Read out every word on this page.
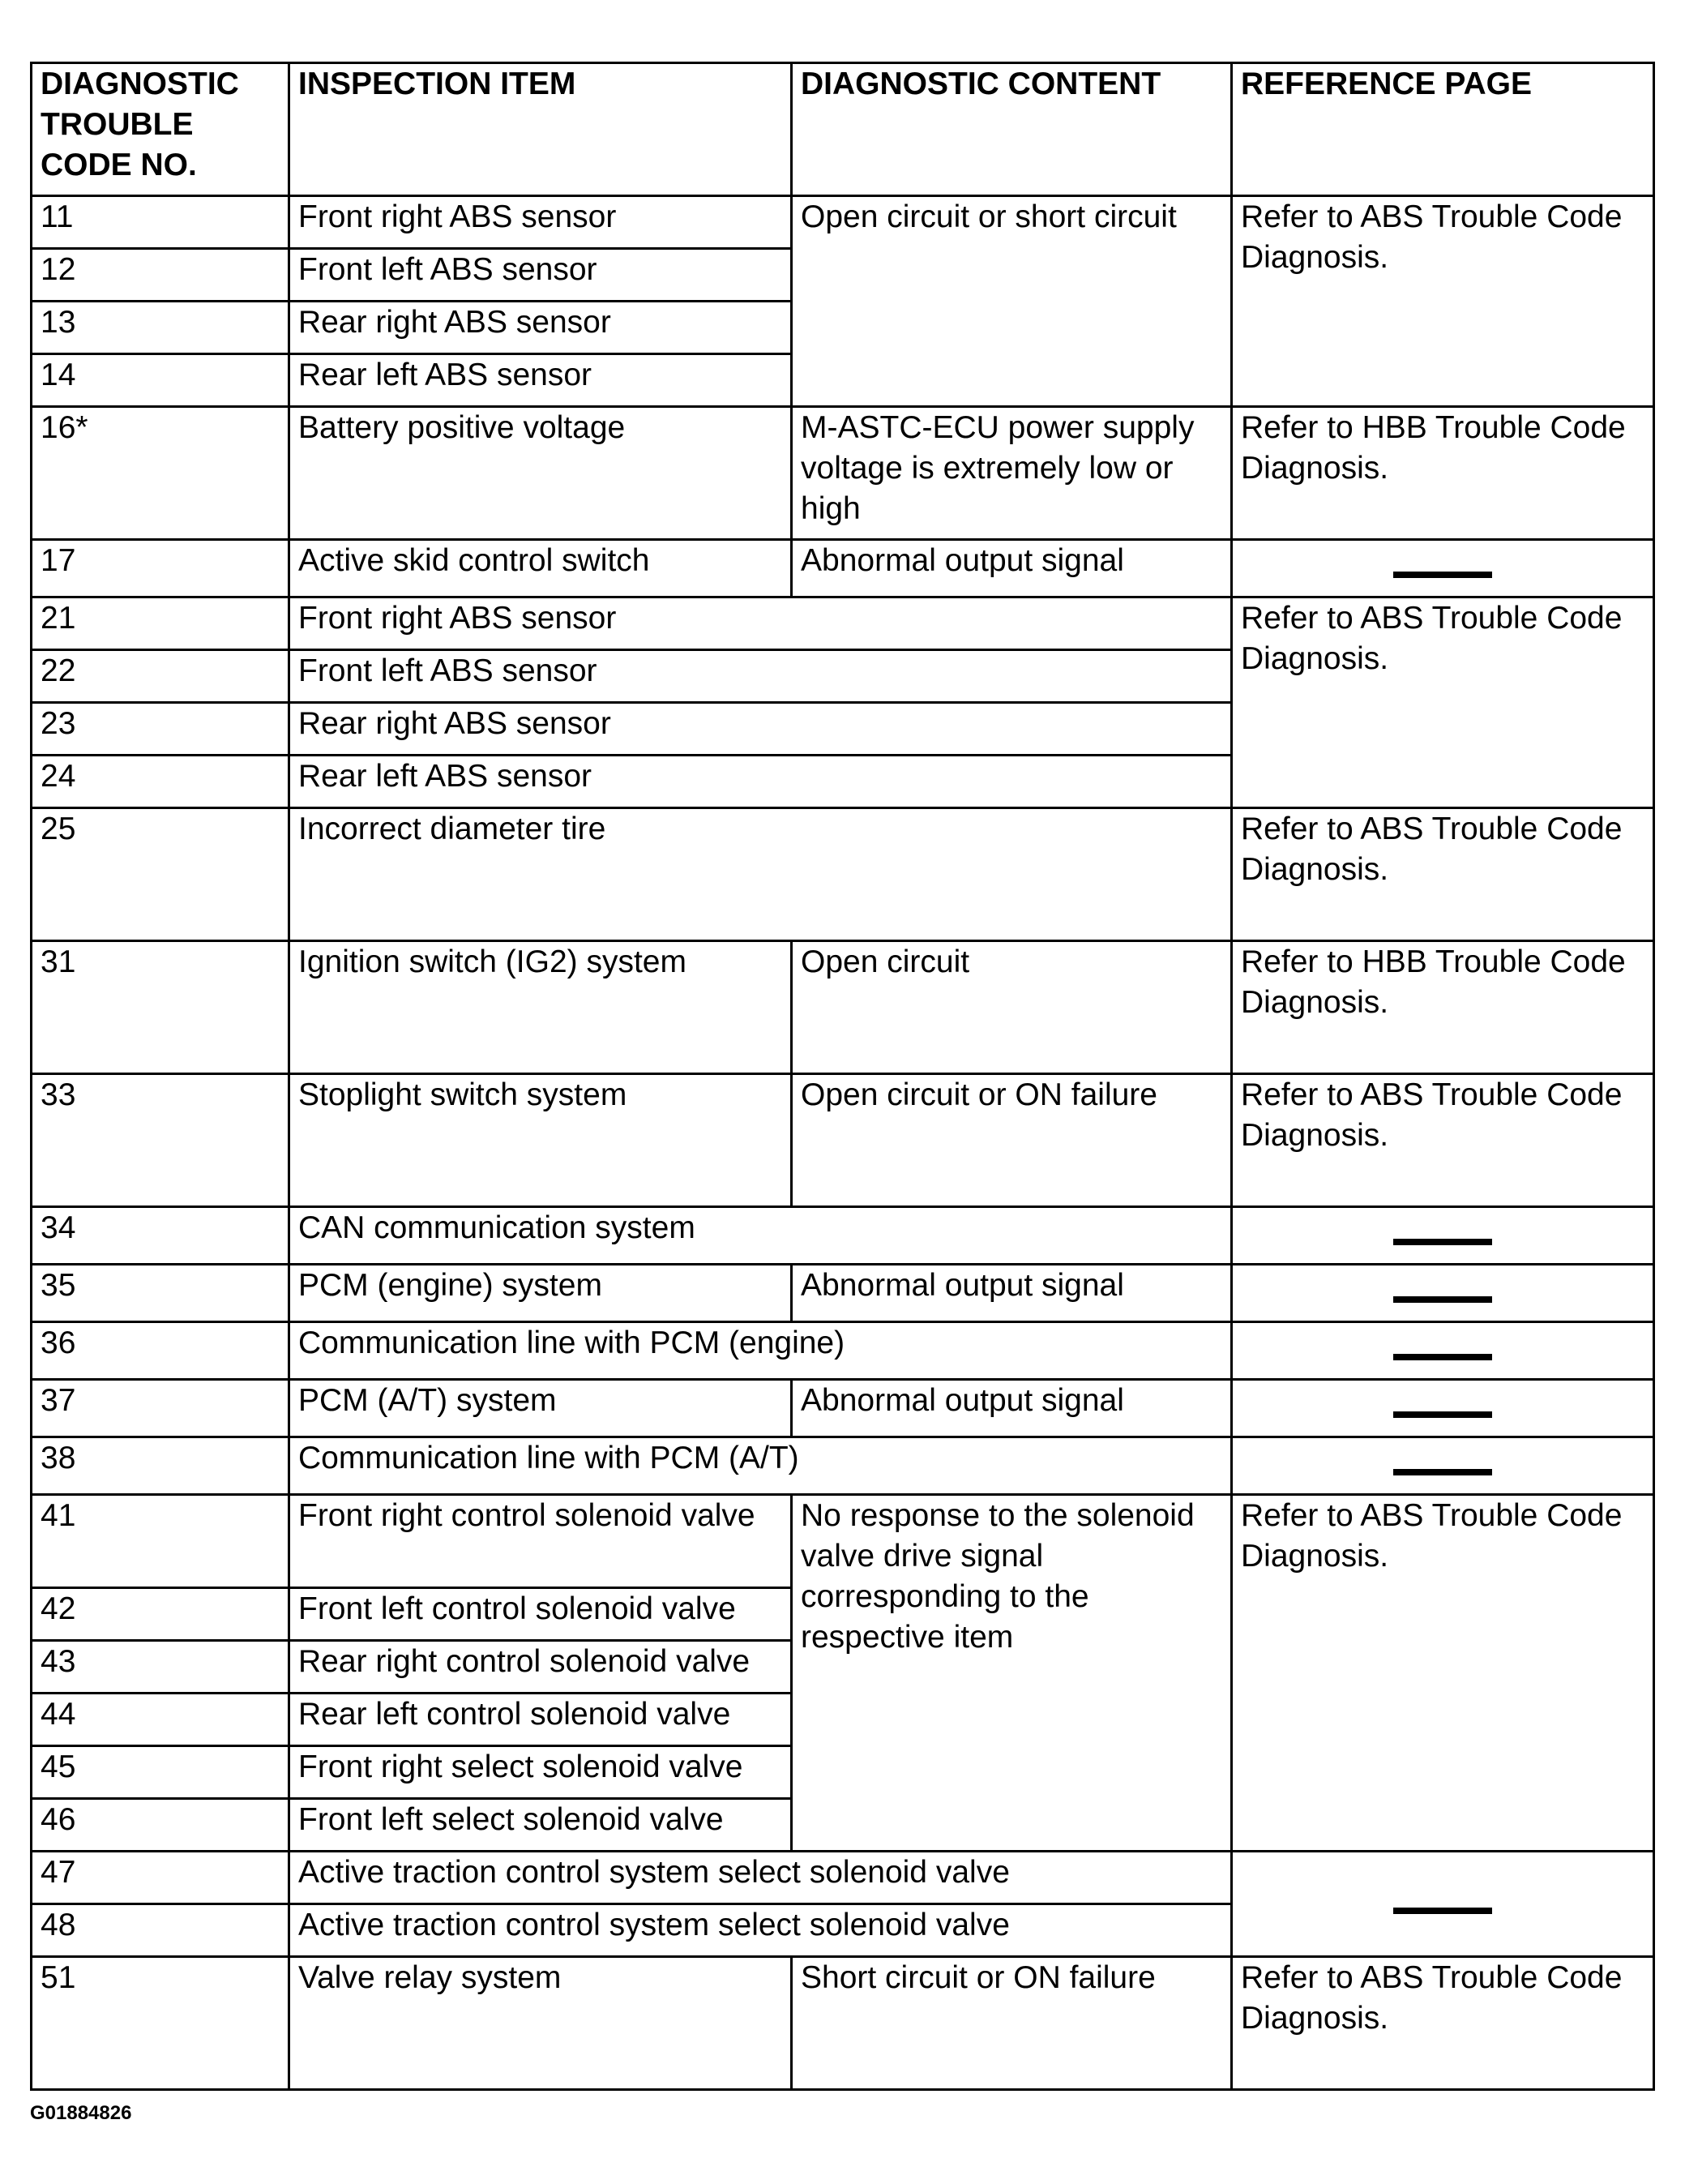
DIAGNOSTIC TROUBLE CODE NO.	INSPECTION ITEM	DIAGNOSTIC CONTENT	REFERENCE PAGE
11	Front right ABS sensor	Open circuit or short circuit	Refer to ABS Trouble Code Diagnosis.
12	Front left ABS sensor		
13	Rear right ABS sensor		
14	Rear left ABS sensor		
16*	Battery positive voltage	M-ASTC-ECU power supply voltage is extremely low or high	Refer to HBB Trouble Code Diagnosis.
17	Active skid control switch	Abnormal output signal	
21	Front right ABS sensor		Refer to ABS Trouble Code Diagnosis.
22	Front left ABS sensor		
23	Rear right ABS sensor		
24	Rear left ABS sensor		
25	Incorrect diameter tire		Refer to ABS Trouble Code Diagnosis.
31	Ignition switch (IG2) system	Open circuit	Refer to HBB Trouble Code Diagnosis.
33	Stoplight switch system	Open circuit or ON failure	Refer to ABS Trouble Code Diagnosis.
34	CAN communication system		
35	PCM (engine) system	Abnormal output signal	
36	Communication line with PCM (engine)		
37	PCM (A/T) system	Abnormal output signal	
38	Communication line with PCM (A/T)		
41	Front right control solenoid valve	No response to the solenoid valve drive signal corresponding to the respective item	Refer to ABS Trouble Code Diagnosis.
42	Front left control solenoid valve		
43	Rear right control solenoid valve		
44	Rear left control solenoid valve		
45	Front right select solenoid valve		
46	Front left select solenoid valve		
47	Active traction control system select solenoid valve		
48	Active traction control system select solenoid valve		
51	Valve relay system	Short circuit or ON failure	Refer to ABS Trouble Code Diagnosis.
G01884826
